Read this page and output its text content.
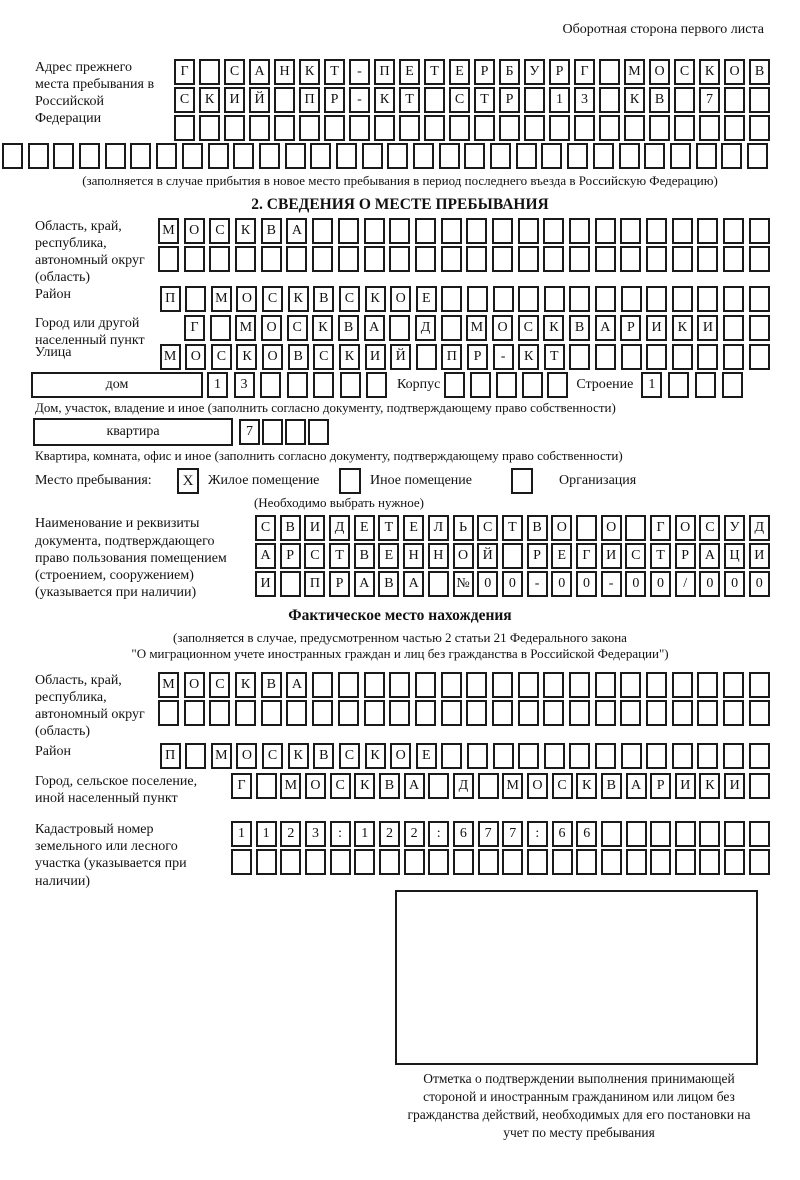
Оборотная сторона первого листа
Адрес прежнего места пребывания в Российской Федерации
Г	С	А	Н	К	Т	-	П	Е	Т	Е	Р	Б	У	Р	Г	М О	С	К	О	В
С	К	И	Й	П	Р	-	К	Т	С	Т	Р	1	3	К	В	7
(заполняется в случае прибытия в новое место пребывания в период последнего въезда в Российскую Федерацию)
2. СВЕДЕНИЯ О МЕСТЕ ПРЕБЫВАНИЯ
Область, край, республика, автономный округ (область)
М	О	С	К	В	А
Район	П	М	О	С	К	В	С	К	О	Е
Город или другой населенный пункт
Г	М	О	С	К	В	А	Д	М	О	С	К	В	А	Р	И	К	И
Улица	М	О	С	К	О	В	С	К	И	Й	П	Р	-	К	Т
дом	1	3	Корпус	Строение	1
Дом, участок, владение и иное (заполнить согласно документу, подтверждающему право собственности)
квартира	7
Квартира, комната, офис и иное (заполнить согласно документу, подтверждающему право собственности)
Место пребывания:	X	Жилое помещение	Иное помещение	Организация
(Необходимо выбрать нужное)
Наименование и реквизиты документа, подтверждающего право пользования помещением (строением, сооружением) (указывается при наличии)
С	В	И	Д	Е	Т	Е	Л	Ь	С	Т	В	О	О	Г	О	С	У	Д
А	Р	С	Т	В	Е	Н	Н	О	Й	Р	Е	Г	И	С	Т	Р	А	Ц	И
И	П	Р	А	В	А	№	0	0	-	0	0	-	0	0	/	0	0	0
Фактическое место нахождения
(заполняется в случае, предусмотренном частью 2 статьи 21 Федерального закона
"О миграционном учете иностранных граждан и лиц без гражданства в Российской Федерации")
Область, край, республика, автономный округ (область)
М	О	С	К	В	А
Район	П	М	О	С	К	В	С	К	О	Е
Город, сельское поселение, иной населенный пункт
Г	М О	С	К	В	А	Д	М О	С	К	В	А	Р	И	К	И
Кадастровый номер земельного или лесного участка (указывается при наличии)
1	1	2	3	:	1	2	2	:	6	7	7	:	6	6
Отметка о подтверждении выполнения принимающей стороной и иностранным гражданином или лицом без гражданства действий, необходимых для его постановки на учет по месту пребывания
